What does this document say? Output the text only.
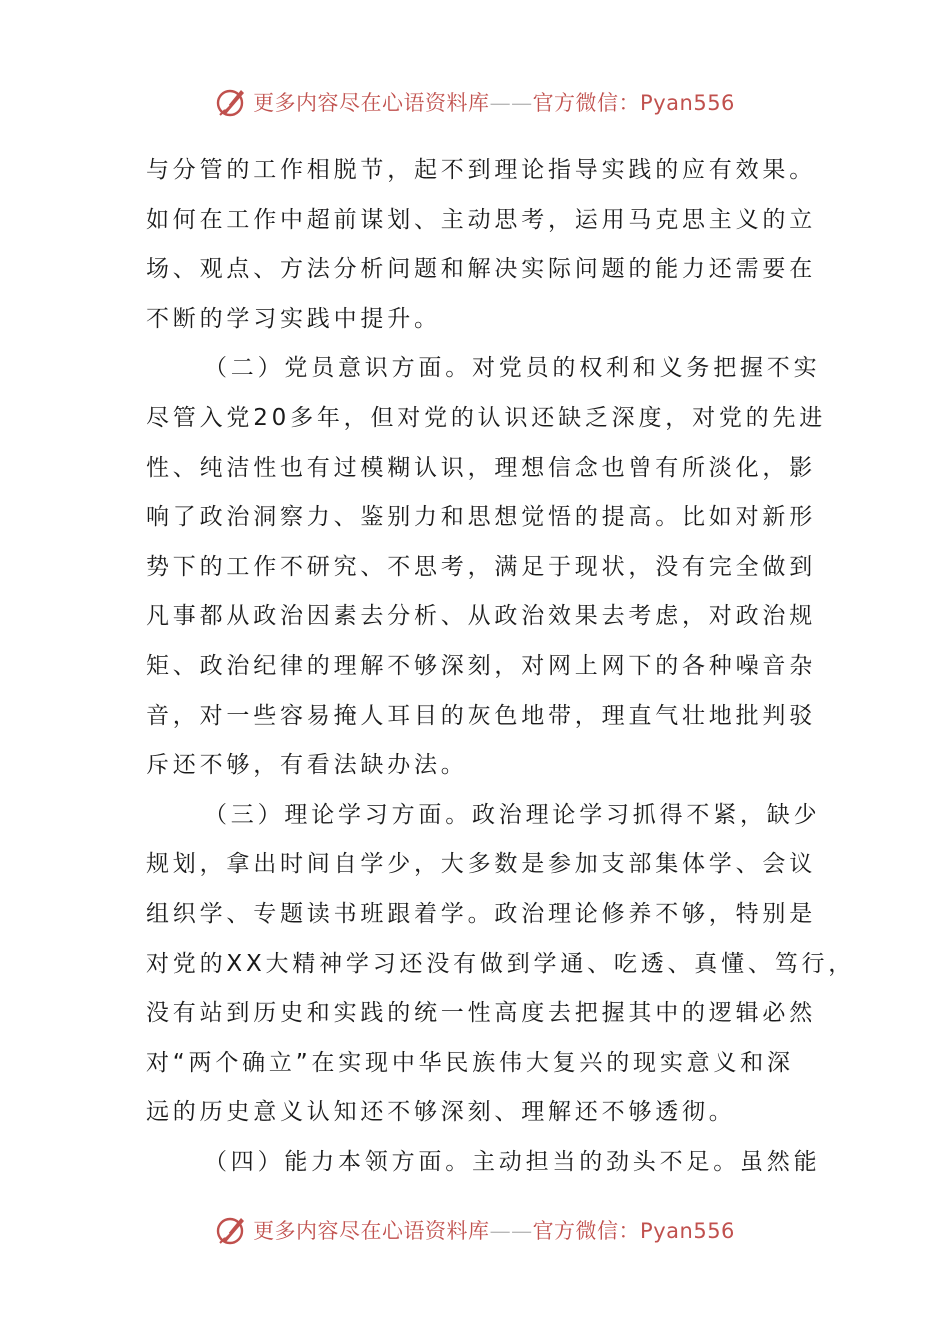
更多内容尽在心语资料库——官方微信：Pyan556
与分管的工作相脱节，起不到理论指导实践的应有效果。
如何在工作中超前谋划、主动思考，运用马克思主义的立
场、观点、方法分析问题和解决实际问题的能力还需要在
不断的学习实践中提升。
（二）党员意识方面。对党员的权利和义务把握不实
尽管入党20多年，但对党的认识还缺乏深度，对党的先进
性、纯洁性也有过模糊认识，理想信念也曾有所淡化，影
响了政治洞察力、鉴别力和思想觉悟的提高。比如对新形
势下的工作不研究、不思考，满足于现状，没有完全做到
凡事都从政治因素去分析、从政治效果去考虑，对政治规
矩、政治纪律的理解不够深刻，对网上网下的各种噪音杂
音，对一些容易掩人耳目的灰色地带，理直气壮地批判驳
斥还不够，有看法缺办法。
（三）理论学习方面。政治理论学习抓得不紧，缺少
规划，拿出时间自学少，大多数是参加支部集体学、会议
组织学、专题读书班跟着学。政治理论修养不够，特别是
对党的XX大精神学习还没有做到学通、吃透、真懂、笃行，
没有站到历史和实践的统一性高度去把握其中的逻辑必然
对“两个确立”在实现中华民族伟大复兴的现实意义和深
远的历史意义认知还不够深刻、理解还不够透彻。
（四）能力本领方面。主动担当的劲头不足。虽然能
更多内容尽在心语资料库——官方微信：Pyan556
